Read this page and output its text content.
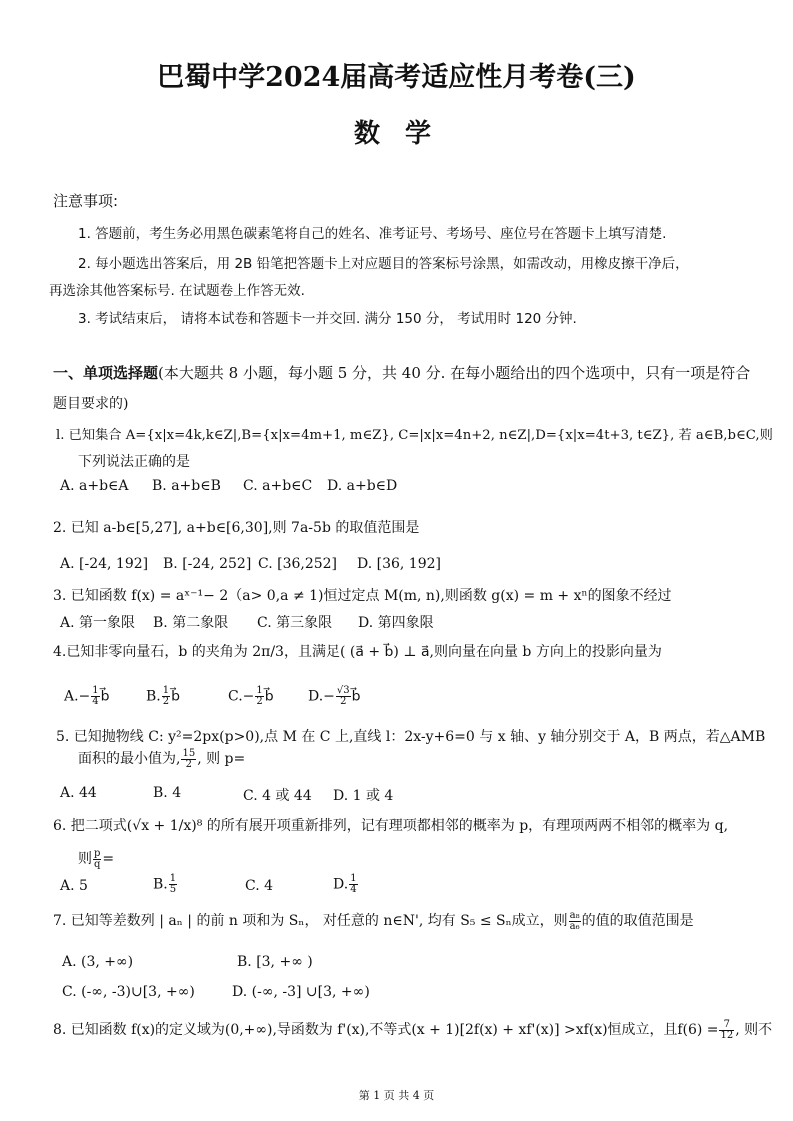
巴蜀中学2024届高考适应性月考卷(三)
数 学
注意事项:
1. 答题前，考生务必用黑色碳素笔将自己的姓名、准考证号、考场号、座位号在答题卡上填写清楚.
2. 每小题选出答案后，用 2B 铅笔把答题卡上对应题目的答案标号涂黑，如需改动，用橡皮擦干净后，
再选涂其他答案标号. 在试题卷上作答无效.
3. 考试结束后， 请将本试卷和答题卡一并交回. 满分 150 分， 考试用时 120 分钟.
一、单项选择题(本大题共 8 小题，每小题 5 分，共 40 分. 在每小题给出的四个选项中，只有一项是符合
题目要求的)
l. 已知集合 A={x|x=4k,k∈Z|,B={x|x=4m+1, m∈Z}, C=|x|x=4n+2, n∈Z|,D={x|x=4t+3, t∈Z}, 若 a∈B,b∈C,则
下列说法正确的是
A. a+b∈A B. a+b∈B C. a+b∈C D. a+b∈D
2. 已知 a-b∈[5,27], a+b∈[6,30],则 7a-5b 的取值范围是
A. [-24, 192] B. [-24, 252] C. [36,252] D. [36, 192]
3. 已知函数 f(x) = aˣ⁻¹− 2（a> 0,a ≠ 1)恒过定点 M(m, n),则函数 g(x) = m + xⁿ的图象不经过
A. 第一象限 B. 第二象限 C. 第三象限 D. 第四象限
4.已知非零向量石，b 的夹角为 2π/3，且满足( (a⃗ + b⃗) ⊥ a⃗,则向量在向量 b 方向上的投影向量为
$A.- \frac{1}{4}$ b⃗	B. $\frac{1}{2}$ b⃗	$C.- \frac{1}{2}$ b⃗ $D.- \frac{√3}{2}$ b⃗
5. 已知抛物线 C: y²=2px(p>0),点 M 在 C 上,直线 l：2x-y+6=0 与 x 轴、y 轴分别交于 A，B 两点，若△AMB
面积的最小值为, $\frac{15}{2}$ , 则 p=
A. 44	B. 4	C. 4 或 44 D. 1 或 4
6. 把二项式(√x + 1/x)⁸ 的所有展开项重新排列，记有理项都相邻的概率为 p，有理项两两不相邻的概率为 q,
则 $\frac{p}{q}$ =
A. 5	B. $\frac{1}{5}$	C. 4	D. $\frac{1}{4}$
7. 已知等差数列 | aₙ | 的前 n 项和为 Sₙ， 对任意的 n∈N', 均有 S₅ ≤ Sₙ成立，则 $\frac{\text{a₈}}{\text{a₆}}$ 的值的取值范围是
A. (3, +∞)	B. [3, +∞ )
C. (-∞, -3)∪[3, +∞)	D. (-∞, -3] ∪[3, +∞)
8. 已知函数 f(x)的定义域为(0,+∞),导函数为 f'(x),不等式(x + 1)[2f(x) + xf'(x)] >xf(x)恒成立，且$f(6) = \frac{7}{12}$ , 则不
第 1 页 共 4 页
